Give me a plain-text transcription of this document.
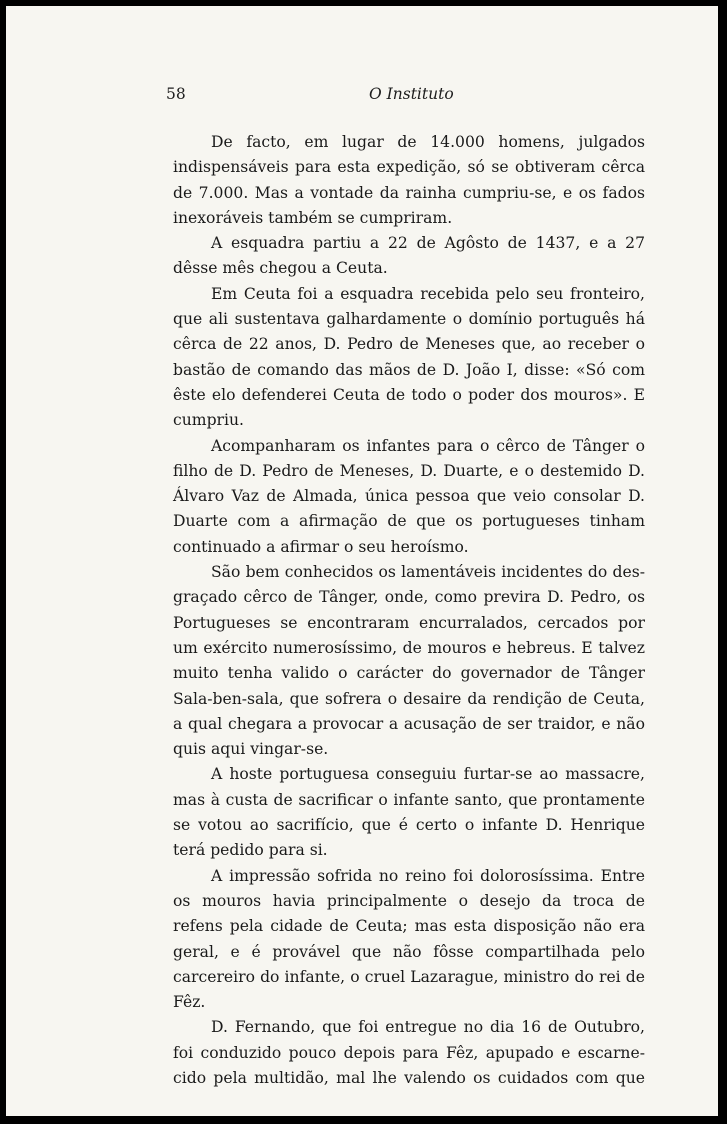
58	O Instituto

De facto, em lugar de 14.000 homens, julgados indispensáveis para esta expedição, só se obtiveram cêrca de 7.000. Mas a vontade da rainha cumpriu-se, e os fados inexoráveis também se cumpriram.

A esquadra partiu a 22 de Agôsto de 1437, e a 27 dêsse mês chegou a Ceuta.

Em Ceuta foi a esquadra recebida pelo seu fronteiro, que ali sustentava galhardamente o domínio português há cêrca de 22 anos, D. Pedro de Meneses que, ao receber o bastão de comando das mãos de D. João I, disse: «Só com êste elo defenderei Ceuta de todo o poder dos mouros». E cumpriu.

Acompanharam os infantes para o cêrco de Tânger o filho de D. Pedro de Meneses, D. Duarte, e o destemido D. Álvaro Vaz de Almada, única pessoa que veio consolar D. Duarte com a afirmação de que os portugueses tinham continuado a afirmar o seu heroísmo.

São bem conhecidos os lamentáveis incidentes do desgraçado cêrco de Tânger, onde, como previra D. Pedro, os Portugueses se encontraram encurralados, cercados por um exército numerosíssimo, de mouros e hebreus. E talvez muito tenha valido o carácter do governador de Tânger Sala-ben-sala, que sofrera o desaire da rendição de Ceuta, a qual chegara a provocar a acusação de ser traidor, e não quis aqui vingar-se.

A hoste portuguesa conseguiu furtar-se ao massacre, mas à custa de sacrificar o infante santo, que prontamente se votou ao sacrifício, que é certo o infante D. Henrique terá pedido para si.

A impressão sofrida no reino foi dolorosíssima. Entre os mouros havia principalmente o desejo da troca de refens pela cidade de Ceuta; mas esta disposição não era geral, e é provável que não fôsse compartilhada pelo carcereiro do infante, o cruel Lazarague, ministro do rei de Fêz.

D. Fernando, que foi entregue no dia 16 de Outubro, foi conduzido pouco depois para Fêz, apupado e escarnecido pela multidão, mal lhe valendo os cuidados com que
